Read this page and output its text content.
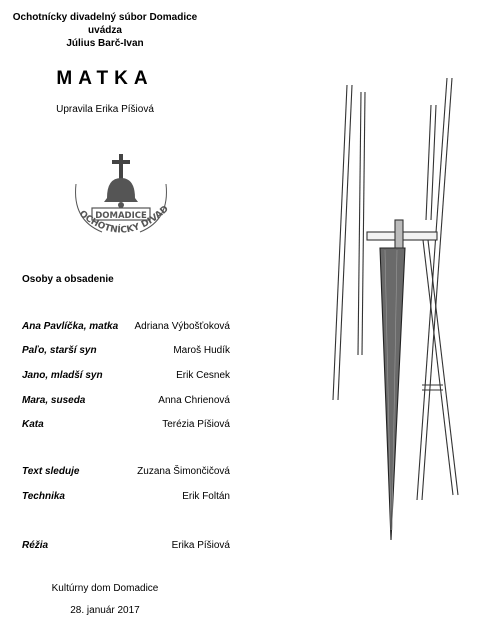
Ochotnícky divadelný súbor Domadice
uvádza
Július Barč-Ivan
MATKA
Upravila Erika Píšiová
DOMADICE
OCHOTNÍCKY DIVADELNÝ SÚBOR
Osoby a obsadenie
Ana Pavlíčka, matka	Adriana Výbošťoková
Paľo, starší syn	Maroš Hudík
Jano, mladší syn	Erik Cesnek
Mara, suseda	Anna Chrienová
Kata	Terézia Píšiová
Text sleduje	Zuzana Šimončičová
Technika	Erik Foltán
Réžia	Erika Píšiová
Kultúrny dom Domadice
28. január 2017
